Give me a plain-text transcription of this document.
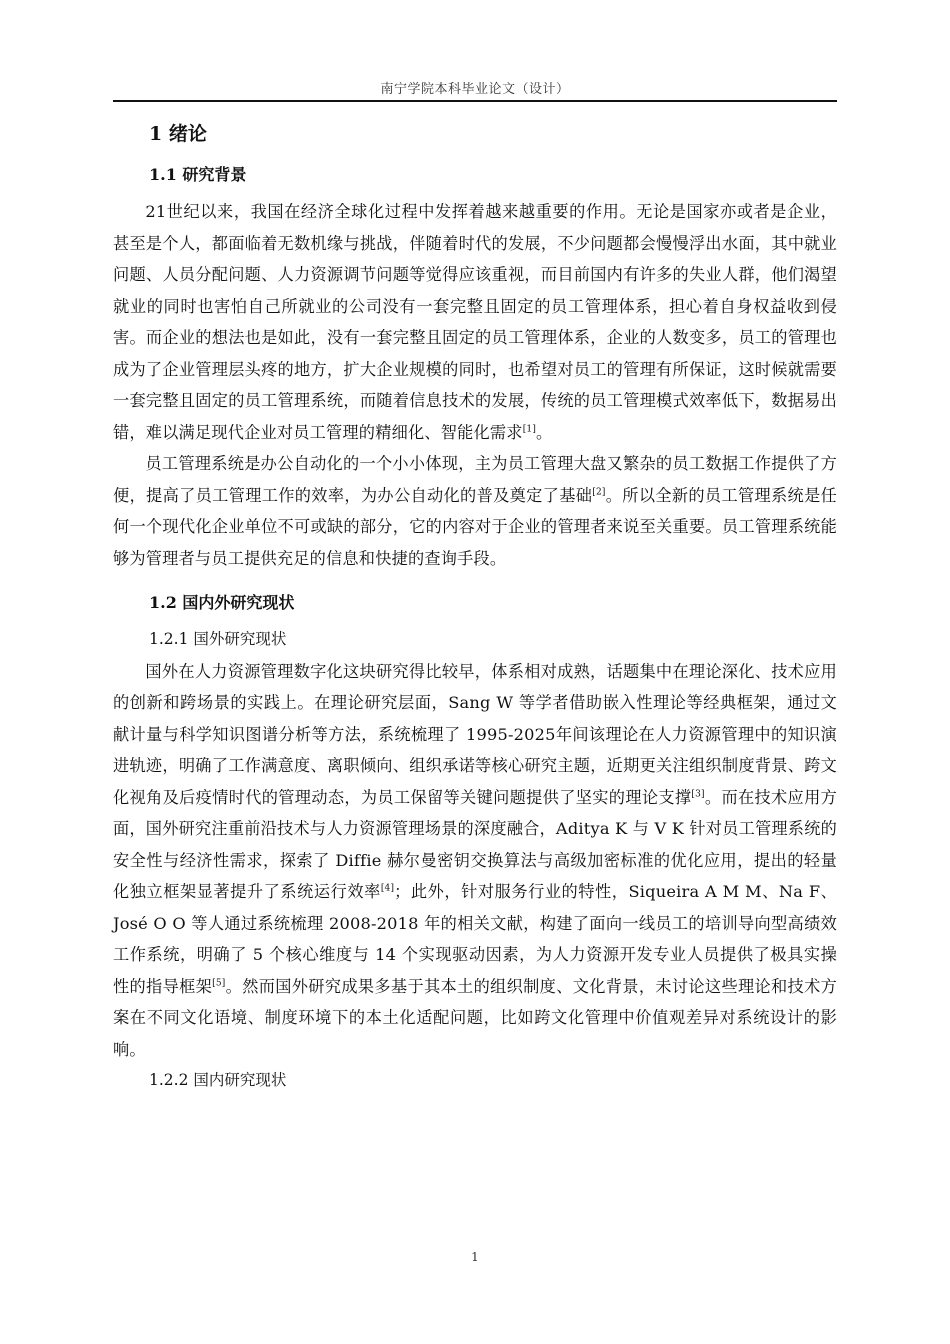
南宁学院本科毕业论文（设计）
1 绪论
1.1 研究背景

21世纪以来，我国在经济全球化过程中发挥着越来越重要的作用。无论是国家亦或者是企业，甚至是个人，都面临着无数机缘与挑战，伴随着时代的发展，不少问题都会慢慢浮出水面，其中就业问题、人员分配问题、人力资源调节问题等觉得应该重视，而目前国内有许多的失业人群，他们渴望就业的同时也害怕自己所就业的公司没有一套完整且固定的员工管理体系，担心着自身权益收到侵害。而企业的想法也是如此，没有一套完整且固定的员工管理体系，企业的人数变多，员工的管理也成为了企业管理层头疼的地方，扩大企业规模的同时，也希望对员工的管理有所保证，这时候就需要一套完整且固定的员工管理系统，而随着信息技术的发展，传统的员工管理模式效率低下，数据易出错，难以满足现代企业对员工管理的精细化、智能化需求[1]。

员工管理系统是办公自动化的一个小小体现，主为员工管理大盘又繁杂的员工数据工作提供了方便，提高了员工管理工作的效率，为办公自动化的普及奠定了基础[2]。所以全新的员工管理系统是任何一个现代化企业单位不可或缺的部分，它的内容对于企业的管理者来说至关重要。员工管理系统能够为管理者与员工提供充足的信息和快捷的查询手段。

1.2 国内外研究现状
1.2.1 国外研究现状

国外在人力资源管理数字化这块研究得比较早，体系相对成熟，话题集中在理论深化、技术应用的创新和跨场景的实践上。在理论研究层面，Sang W 等学者借助嵌入性理论等经典框架，通过文献计量与科学知识图谱分析等方法，系统梳理了 1995-2025年间该理论在人力资源管理中的知识演进轨迹，明确了工作满意度、离职倾向、组织承诺等核心研究主题，近期更关注组织制度背景、跨文化视角及后疫情时代的管理动态，为员工保留等关键问题提供了坚实的理论支撑[3]。而在技术应用方面，国外研究注重前沿技术与人力资源管理场景的深度融合，Aditya K 与 V K 针对员工管理系统的安全性与经济性需求，探索了 Diffie 赫尔曼密钥交换算法与高级加密标准的优化应用，提出的轻量化独立框架显著提升了系统运行效率[4]；此外，针对服务行业的特性，Siqueira A M M、Na F、José O O 等人通过系统梳理 2008-2018 年的相关文献，构建了面向一线员工的培训导向型高绩效工作系统，明确了 5 个核心维度与 14 个实现驱动因素，为人力资源开发专业人员提供了极具实操性的指导框架[5]。然而国外研究成果多基于其本土的组织制度、文化背景，未讨论这些理论和技术方案在不同文化语境、制度环境下的本土化适配问题，比如跨文化管理中价值观差异对系统设计的影响。

1.2.2 国内研究现状
1
